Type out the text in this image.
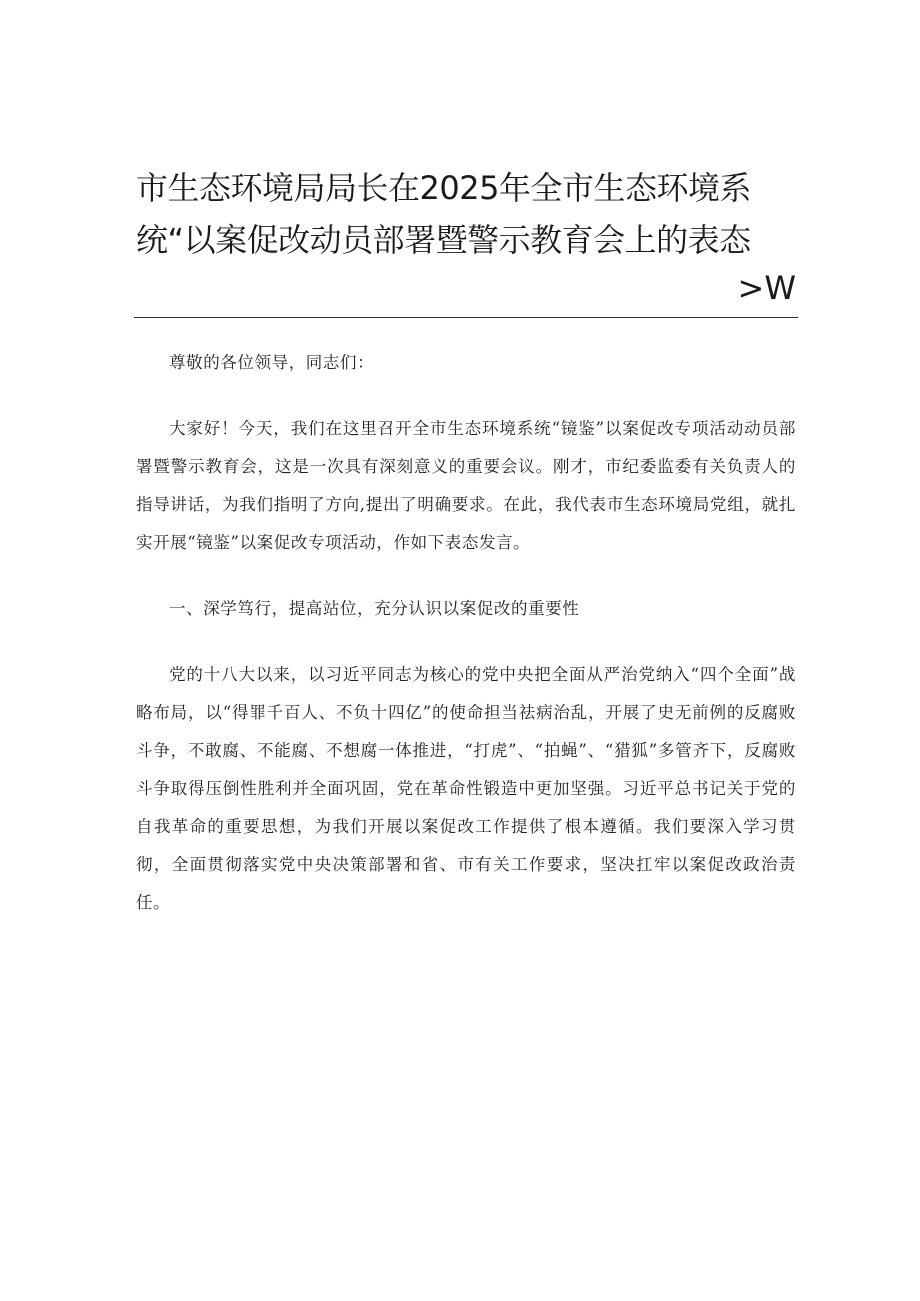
市生态环境局局长在2025年全市生态环境系统“以案促改动员部署暨警示教育会上的表态
>W

尊敬的各位领导，同志们：

大家好！今天，我们在这里召开全市生态环境系统“镜鉴”以案促改专项活动动员部署暨警示教育会，这是一次具有深刻意义的重要会议。刚才，市纪委监委有关负责人的指导讲话，为我们指明了方向,提出了明确要求。在此，我代表市生态环境局党组，就扎实开展“镜鉴”以案促改专项活动，作如下表态发言。

一、深学笃行，提高站位，充分认识以案促改的重要性

党的十八大以来，以习近平同志为核心的党中央把全面从严治党纳入“四个全面”战略布局，以“得罪千百人、不负十四亿”的使命担当祛病治乱，开展了史无前例的反腐败斗争，不敢腐、不能腐、不想腐一体推进，“打虎”、“拍蝇”、“猎狐”多管齐下，反腐败斗争取得压倒性胜利并全面巩固，党在革命性锻造中更加坚强。习近平总书记关于党的自我革命的重要思想，为我们开展以案促改工作提供了根本遵循。我们要深入学习贯彻，全面贯彻落实党中央决策部署和省、市有关工作要求，坚决扛牢以案促改政治责任。
